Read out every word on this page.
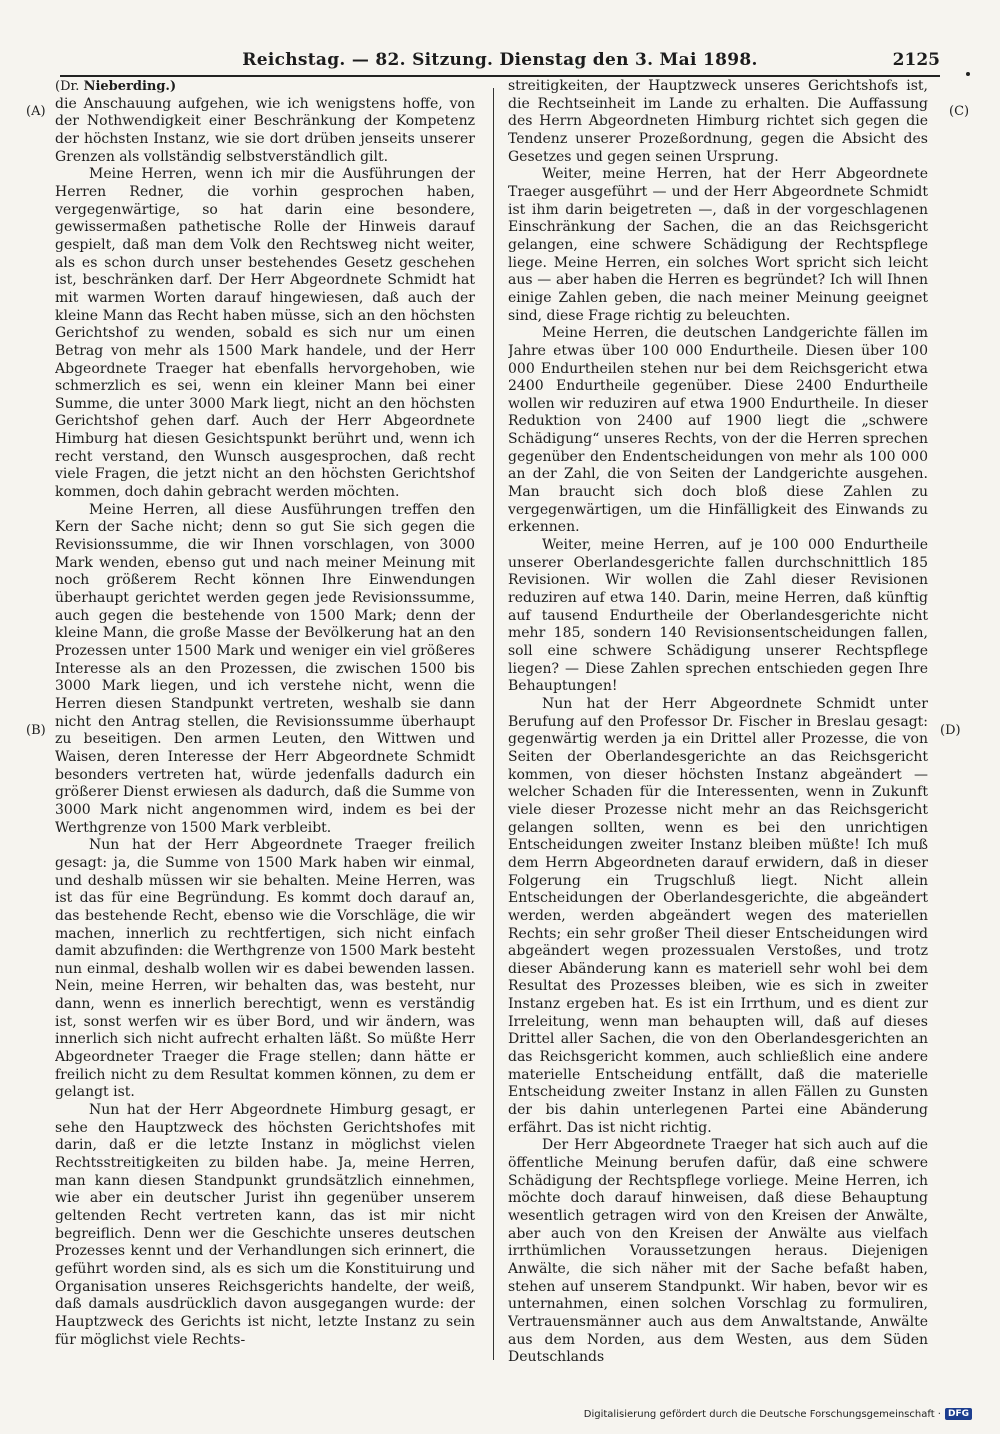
Reichstag. — 82. Sitzung. Dienstag den 3. Mai 1898.	2125
(A)
(B)
(C)
(D)
(Dr. Nieberding.)

die Anschauung aufgehen, wie ich wenigstens hoffe, von der Nothwendigkeit einer Beschränkung der Kompetenz der höchsten Instanz, wie sie dort drüben jenseits unserer Grenzen als vollständig selbstverständlich gilt.

Meine Herren, wenn ich mir die Ausführungen der Herren Redner, die vorhin gesprochen haben, vergegenwärtige, so hat darin eine besondere, gewissermaßen pathetische Rolle der Hinweis darauf gespielt, daß man dem Volk den Rechtsweg nicht weiter, als es schon durch unser bestehendes Gesetz geschehen ist, beschränken darf. Der Herr Abgeordnete Schmidt hat mit warmen Worten darauf hingewiesen, daß auch der kleine Mann das Recht haben müsse, sich an den höchsten Gerichtshof zu wenden, sobald es sich nur um einen Betrag von mehr als 1500 Mark handele, und der Herr Abgeordnete Traeger hat ebenfalls hervorgehoben, wie schmerzlich es sei, wenn ein kleiner Mann bei einer Summe, die unter 3000 Mark liegt, nicht an den höchsten Gerichtshof gehen darf. Auch der Herr Abgeordnete Himburg hat diesen Gesichtspunkt berührt und, wenn ich recht verstand, den Wunsch ausgesprochen, daß recht viele Fragen, die jetzt nicht an den höchsten Gerichtshof kommen, doch dahin gebracht werden möchten.

Meine Herren, all diese Ausführungen treffen den Kern der Sache nicht; denn so gut Sie sich gegen die Revisionssumme, die wir Ihnen vorschlagen, von 3000 Mark wenden, ebenso gut und nach meiner Meinung mit noch größerem Recht können Ihre Einwendungen überhaupt gerichtet werden gegen jede Revisionssumme, auch gegen die bestehende von 1500 Mark; denn der kleine Mann, die große Masse der Bevölkerung hat an den Prozessen unter 1500 Mark und weniger ein viel größeres Interesse als an den Prozessen, die zwischen 1500 bis 3000 Mark liegen, und ich verstehe nicht, wenn die Herren diesen Standpunkt vertreten, weshalb sie dann nicht den Antrag stellen, die Revisionssumme überhaupt zu beseitigen. Den armen Leuten, den Wittwen und Waisen, deren Interesse der Herr Abgeordnete Schmidt besonders vertreten hat, würde jedenfalls dadurch ein größerer Dienst erwiesen als dadurch, daß die Summe von 3000 Mark nicht angenommen wird, indem es bei der Werthgrenze von 1500 Mark verbleibt.

Nun hat der Herr Abgeordnete Traeger freilich gesagt: ja, die Summe von 1500 Mark haben wir einmal, und deshalb müssen wir sie behalten. Meine Herren, was ist das für eine Begründung. Es kommt doch darauf an, das bestehende Recht, ebenso wie die Vorschläge, die wir machen, innerlich zu rechtfertigen, sich nicht einfach damit abzufinden: die Werthgrenze von 1500 Mark besteht nun einmal, deshalb wollen wir es dabei bewenden lassen. Nein, meine Herren, wir behalten das, was besteht, nur dann, wenn es innerlich berechtigt, wenn es verständig ist, sonst werfen wir es über Bord, und wir ändern, was innerlich sich nicht aufrecht erhalten läßt. So müßte Herr Abgeordneter Traeger die Frage stellen; dann hätte er freilich nicht zu dem Resultat kommen können, zu dem er gelangt ist.

Nun hat der Herr Abgeordnete Himburg gesagt, er sehe den Hauptzweck des höchsten Gerichtshofes mit darin, daß er die letzte Instanz in möglichst vielen Rechtsstreitigkeiten zu bilden habe. Ja, meine Herren, man kann diesen Standpunkt grundsätzlich einnehmen, wie aber ein deutscher Jurist ihn gegenüber unserem geltenden Recht vertreten kann, das ist mir nicht begreiflich. Denn wer die Geschichte unseres deutschen Prozesses kennt und der Verhandlungen sich erinnert, die geführt worden sind, als es sich um die Konstituirung und Organisation unseres Reichsgerichts handelte, der weiß, daß damals ausdrücklich davon ausgegangen wurde: der Hauptzweck des Gerichts ist nicht, letzte Instanz zu sein für möglichst viele Rechts-

streitigkeiten, der Hauptzweck unseres Gerichtshofs ist, die Rechtseinheit im Lande zu erhalten. Die Auffassung des Herrn Abgeordneten Himburg richtet sich gegen die Tendenz unserer Prozeßordnung, gegen die Absicht des Gesetzes und gegen seinen Ursprung.

Weiter, meine Herren, hat der Herr Abgeordnete Traeger ausgeführt — und der Herr Abgeordnete Schmidt ist ihm darin beigetreten —, daß in der vorgeschlagenen Einschränkung der Sachen, die an das Reichsgericht gelangen, eine schwere Schädigung der Rechtspflege liege. Meine Herren, ein solches Wort spricht sich leicht aus — aber haben die Herren es begründet? Ich will Ihnen einige Zahlen geben, die nach meiner Meinung geeignet sind, diese Frage richtig zu beleuchten.

Meine Herren, die deutschen Landgerichte fällen im Jahre etwas über 100 000 Endurtheile. Diesen über 100 000 Endurtheilen stehen nur bei dem Reichsgericht etwa 2400 Endurtheile gegenüber. Diese 2400 Endurtheile wollen wir reduziren auf etwa 1900 Endurtheile. In dieser Reduktion von 2400 auf 1900 liegt die „schwere Schädigung“ unseres Rechts, von der die Herren sprechen gegenüber den Endentscheidungen von mehr als 100 000 an der Zahl, die von Seiten der Landgerichte ausgehen. Man braucht sich doch bloß diese Zahlen zu vergegenwärtigen, um die Hinfälligkeit des Einwands zu erkennen.

Weiter, meine Herren, auf je 100 000 Endurtheile unserer Oberlandesgerichte fallen durchschnittlich 185 Revisionen. Wir wollen die Zahl dieser Revisionen reduziren auf etwa 140. Darin, meine Herren, daß künftig auf tausend Endurtheile der Oberlandesgerichte nicht mehr 185, sondern 140 Revisionsentscheidungen fallen, soll eine schwere Schädigung unserer Rechtspflege liegen? — Diese Zahlen sprechen entschieden gegen Ihre Behauptungen!

Nun hat der Herr Abgeordnete Schmidt unter Berufung auf den Professor Dr. Fischer in Breslau gesagt: gegenwärtig werden ja ein Drittel aller Prozesse, die von Seiten der Oberlandesgerichte an das Reichsgericht kommen, von dieser höchsten Instanz abgeändert — welcher Schaden für die Interessenten, wenn in Zukunft viele dieser Prozesse nicht mehr an das Reichsgericht gelangen sollten, wenn es bei den unrichtigen Entscheidungen zweiter Instanz bleiben müßte! Ich muß dem Herrn Abgeordneten darauf erwidern, daß in dieser Folgerung ein Trugschluß liegt. Nicht allein Entscheidungen der Oberlandesgerichte, die abgeändert werden, werden abgeändert wegen des materiellen Rechts; ein sehr großer Theil dieser Entscheidungen wird abgeändert wegen prozessualen Verstoßes, und trotz dieser Abänderung kann es materiell sehr wohl bei dem Resultat des Prozesses bleiben, wie es sich in zweiter Instanz ergeben hat. Es ist ein Irrthum, und es dient zur Irreleitung, wenn man behaupten will, daß auf dieses Drittel aller Sachen, die von den Oberlandesgerichten an das Reichsgericht kommen, auch schließlich eine andere materielle Entscheidung entfällt, daß die materielle Entscheidung zweiter Instanz in allen Fällen zu Gunsten der bis dahin unterlegenen Partei eine Abänderung erfährt. Das ist nicht richtig.

Der Herr Abgeordnete Traeger hat sich auch auf die öffentliche Meinung berufen dafür, daß eine schwere Schädigung der Rechtspflege vorliege. Meine Herren, ich möchte doch darauf hinweisen, daß diese Behauptung wesentlich getragen wird von den Kreisen der Anwälte, aber auch von den Kreisen der Anwälte aus vielfach irrthümlichen Voraussetzungen heraus. Diejenigen Anwälte, die sich näher mit der Sache befaßt haben, stehen auf unserem Standpunkt. Wir haben, bevor wir es unternahmen, einen solchen Vorschlag zu formuliren, Vertrauensmänner auch aus dem Anwaltstande, Anwälte aus dem Norden, aus dem Westen, aus dem Süden Deutschlands

Digitalisierung gefördert durch die Deutsche Forschungsgemeinschaft · DFG
